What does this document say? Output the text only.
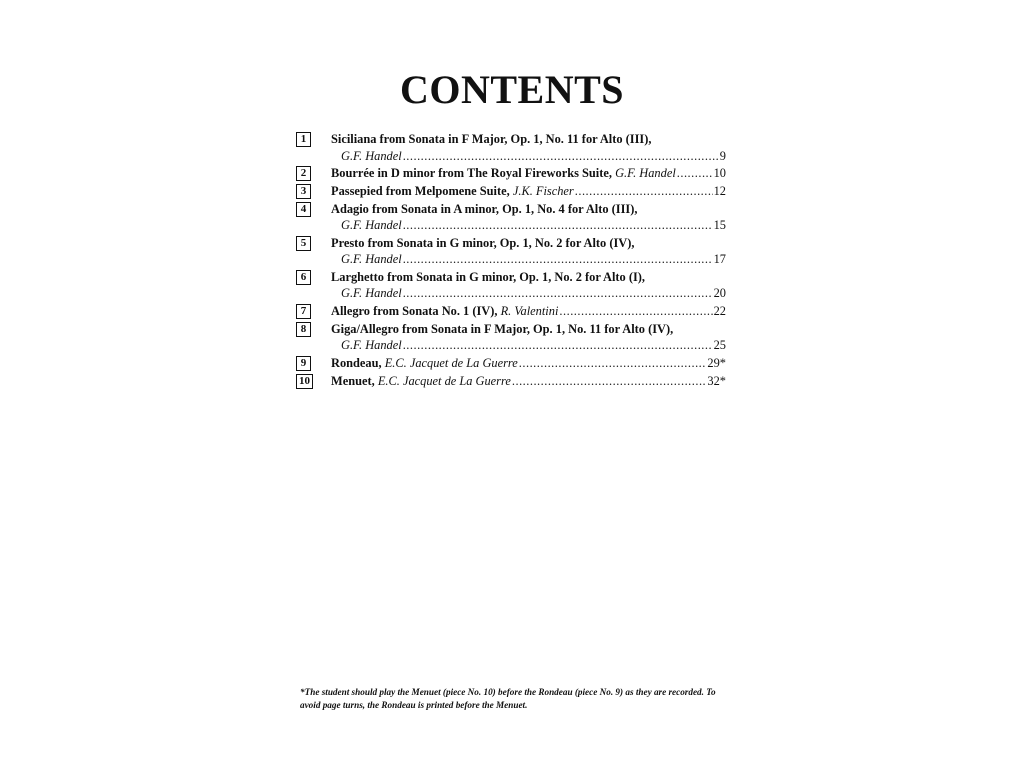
CONTENTS
1	Siciliana from Sonata in F Major, Op. 1, No. 11 for Alto (III),
G.F. Handel .....	9
2	Bourrée in D minor from The Royal Fireworks Suite,
G.F. Handel .....	10
3	Passepied from Melpomene Suite,
J.K. Fischer .....	12
4	Adagio from Sonata in A minor, Op. 1, No. 4 for Alto (III),
G.F. Handel .....	15
5	Presto from Sonata in G minor, Op. 1, No. 2 for Alto (IV),
G.F. Handel .....	17
6	Larghetto from Sonata in G minor, Op. 1, No. 2 for Alto (I),
G.F. Handel .....	20
7	Allegro from Sonata No. 1 (IV),
R. Valentini .....	22
8	Giga/Allegro from Sonata in F Major, Op. 1, No. 11 for Alto (IV),
G.F. Handel .....	25
9	Rondeau,
E.C. Jacquet de La Guerre .....	29*
10 Menuet,
E.C. Jacquet de La Guerre .....	32*

*The student should play the Menuet (piece No. 10) before the Rondeau (piece No. 9) as they are recorded. To avoid page turns, the Rondeau is printed before the Menuet.
